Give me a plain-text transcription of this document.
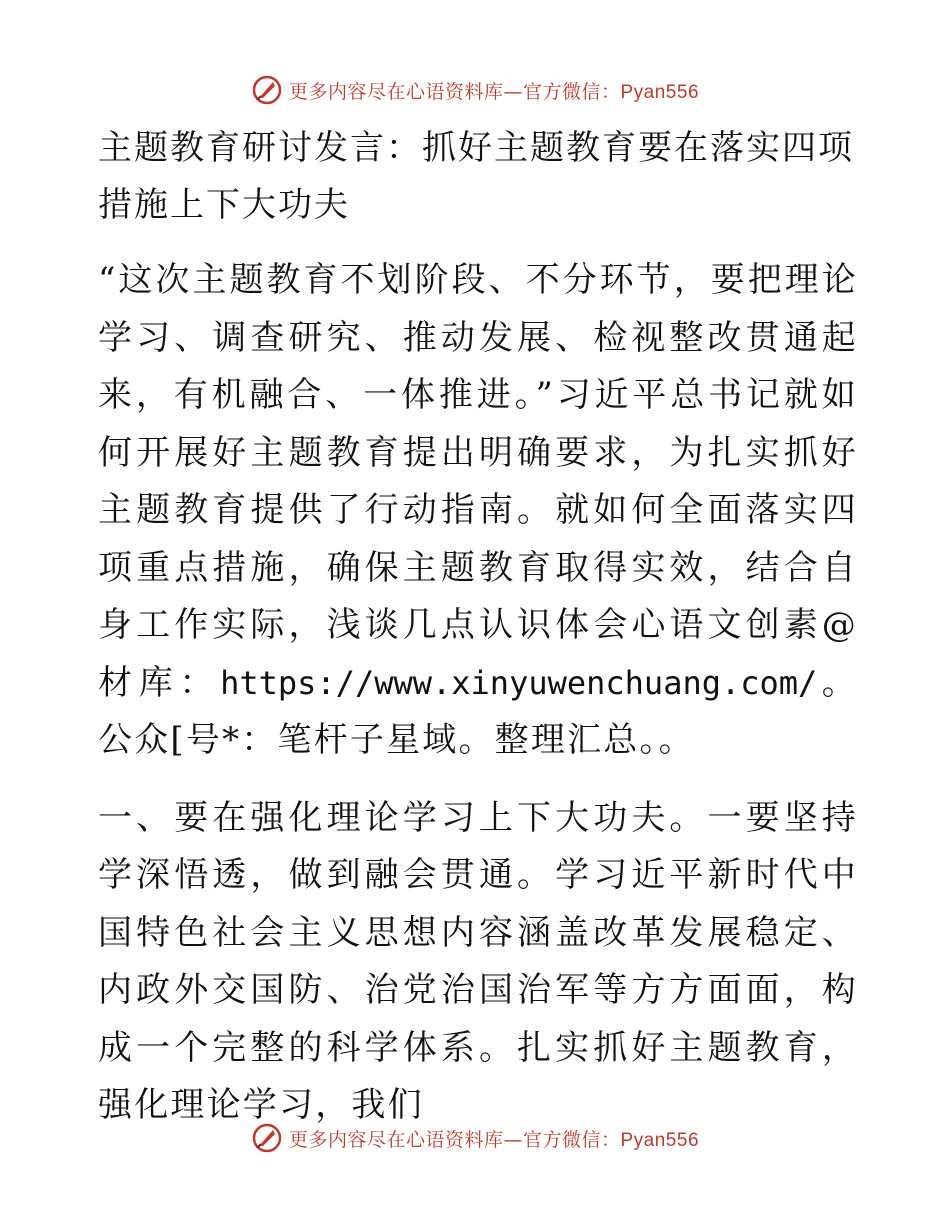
更多内容尽在心语资料库—官方微信：Pyan556
主题教育研讨发言：抓好主题教育要在落实四项措施上下大功夫

“这次主题教育不划阶段、不分环节，要把理论学习、调查研究、推动发展、检视整改贯通起来，有机融合、一体推进。”习近平总书记就如何开展好主题教育提出明确要求，为扎实抓好主题教育提供了行动指南。就如何全面落实四项重点措施，确保主题教育取得实效，结合自身工作实际，浅谈几点认识体会心语文创素@材库：https://www.xinyuwenchuang.com/。公众[号*：笔杆子星域。整理汇总。。

一、要在强化理论学习上下大功夫。一要坚持学深悟透，做到融会贯通。学习近平新时代中国特色社会主义思想内容涵盖改革发展稳定、内政外交国防、治党治国治军等方方面面，构成一个完整的科学体系。扎实抓好主题教育，强化理论学习，我们

更多内容尽在心语资料库—官方微信：Pyan556
